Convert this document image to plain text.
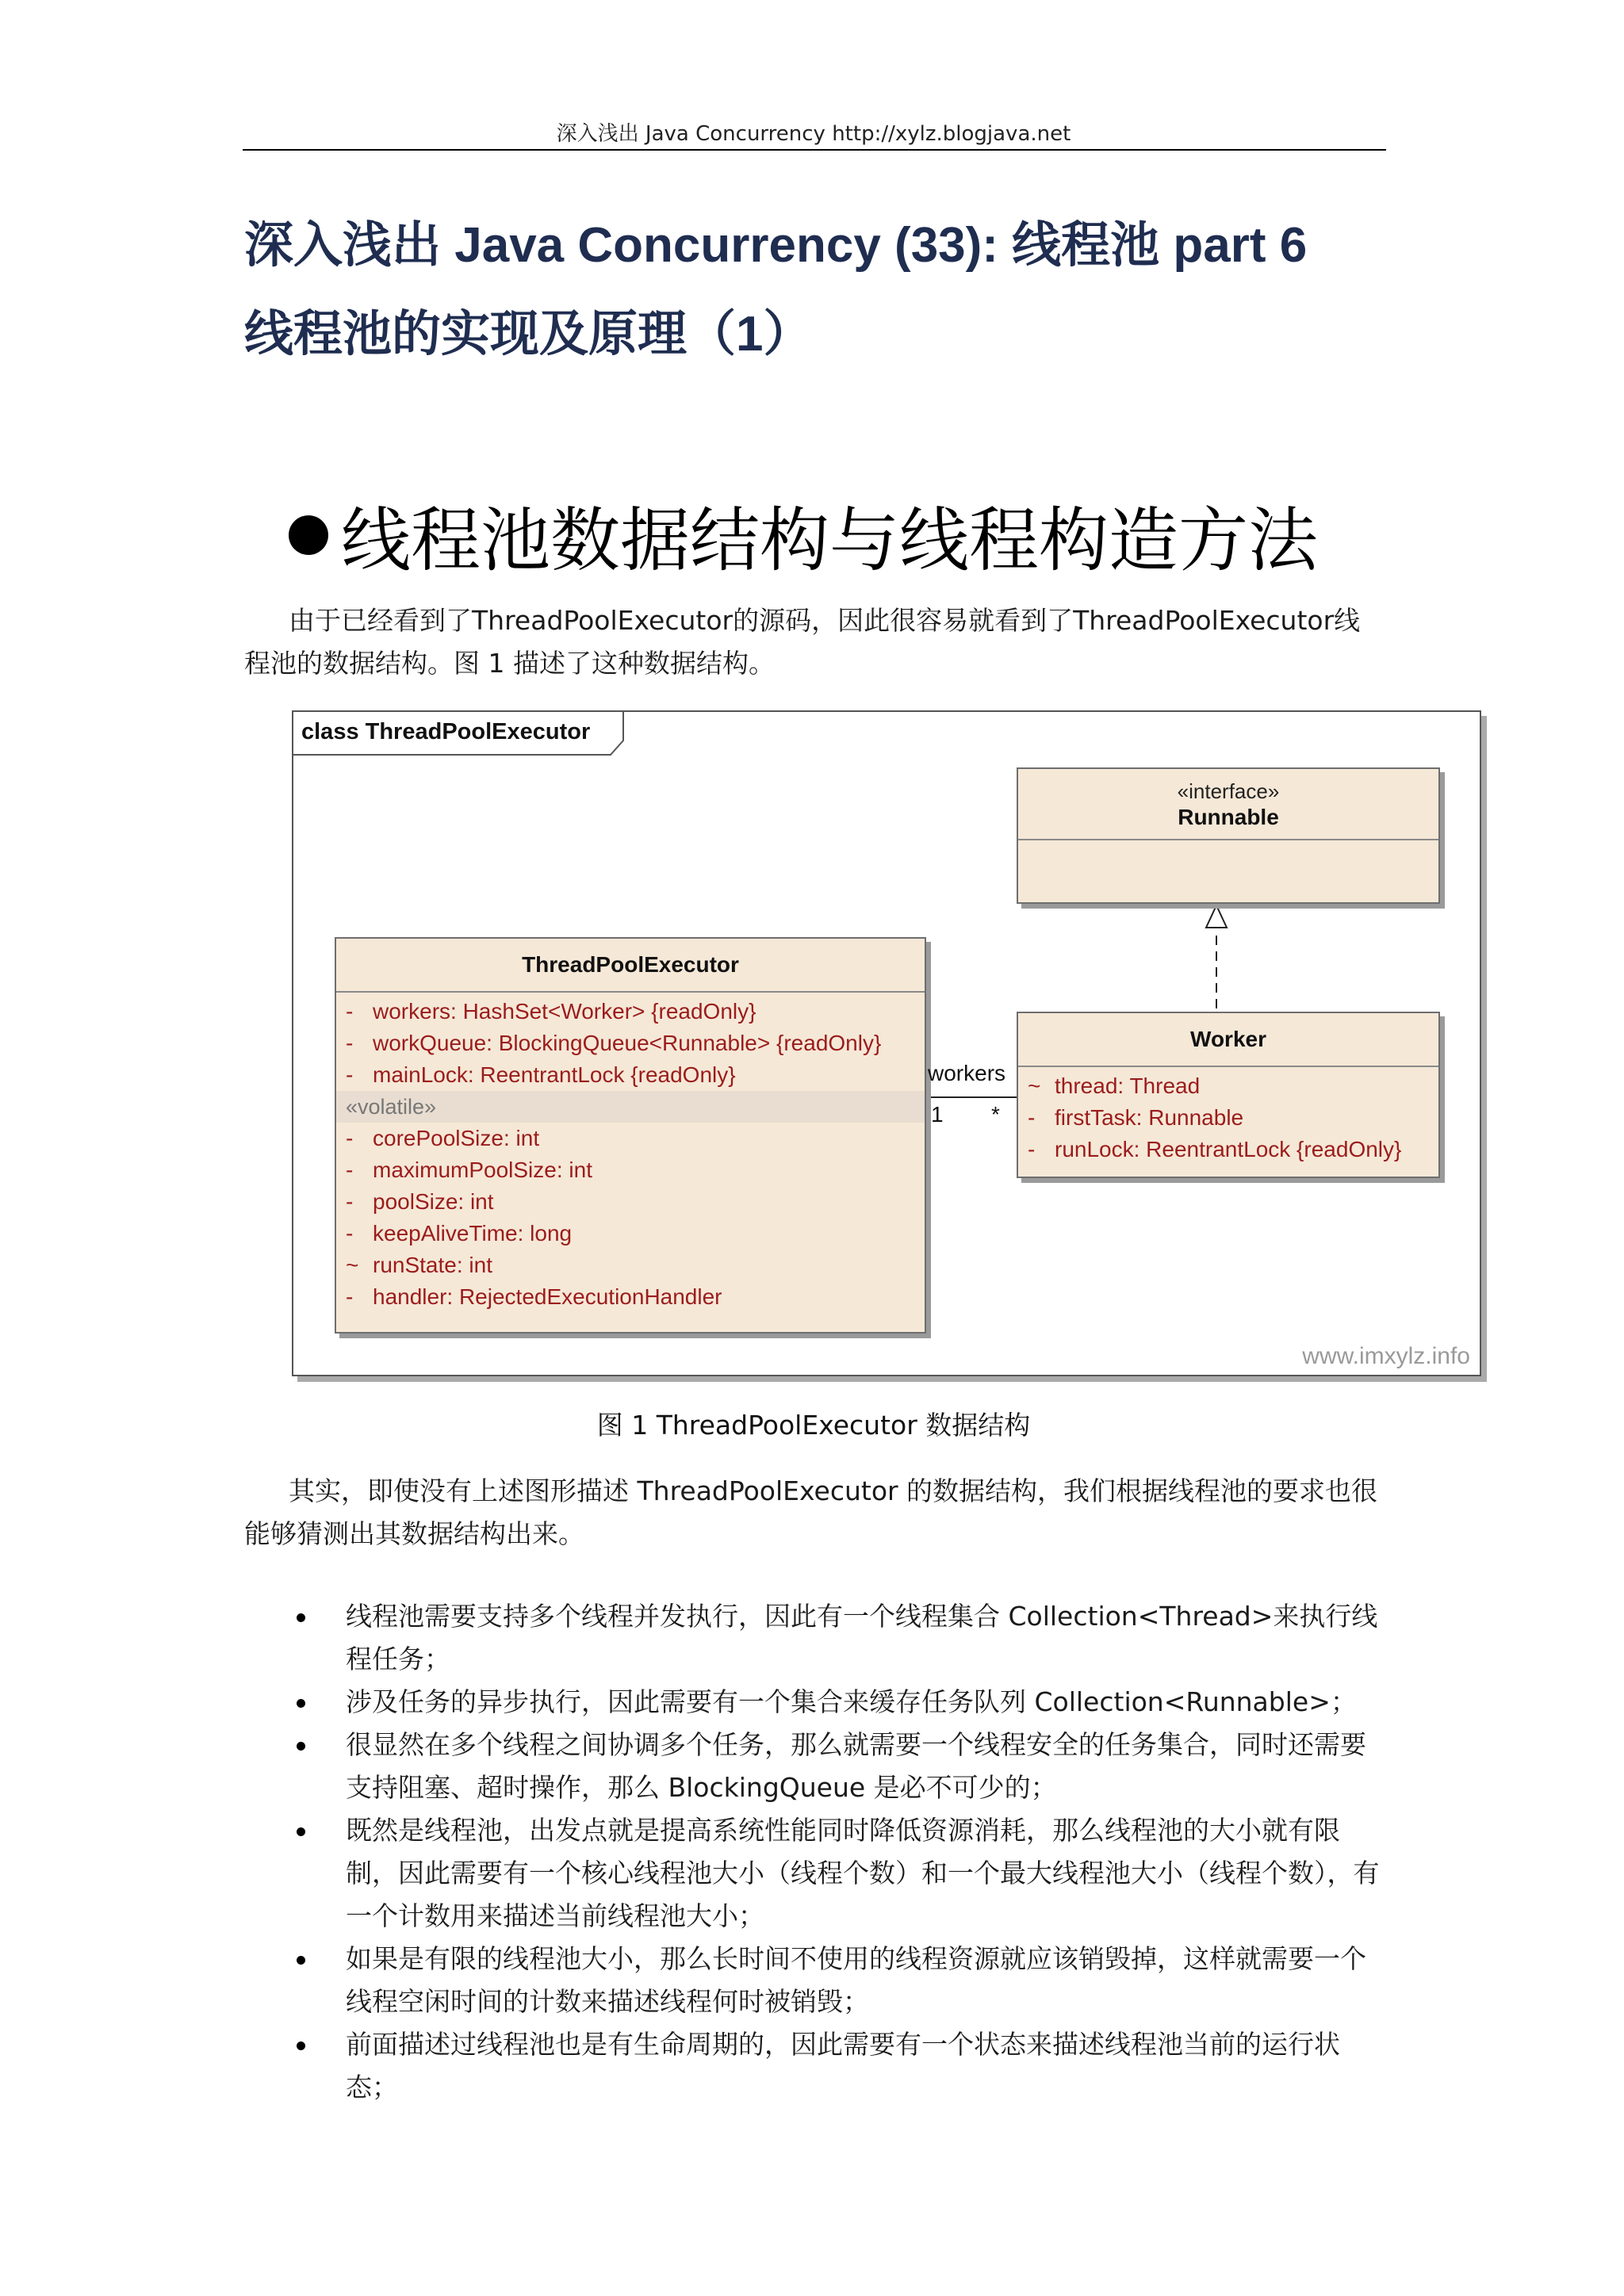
深入浅出 Java Concurrency http://xylz.blogjava.net
深入浅出 Java Concurrency (33): 线程池 part 6
线程池的实现及原理（1）
线程池数据结构与线程构造方法
由于已经看到了ThreadPoolExecutor的源码，因此很容易就看到了ThreadPoolExecutor线程池的数据结构。图 1 描述了这种数据结构。
class ThreadPoolExecutor
«interface»
Runnable
ThreadPoolExecutor
- workers: HashSet<Worker> {readOnly}
- workQueue: BlockingQueue<Runnable> {readOnly}
- mainLock: ReentrantLock {readOnly}
«volatile»
- corePoolSize: int
- maximumPoolSize: int
- poolSize: int
- keepAliveTime: long
~ runState: int
- handler: RejectedExecutionHandler
Worker
~ thread: Thread
- firstTask: Runnable
- runLock: ReentrantLock {readOnly}
workers
1 *
www.imxylz.info
图 1 ThreadPoolExecutor 数据结构
其实，即使没有上述图形描述 ThreadPoolExecutor 的数据结构，我们根据线程池的要求也很能够猜测出其数据结构出来。
线程池需要支持多个线程并发执行，因此有一个线程集合 Collection<Thread>来执行线程任务；
涉及任务的异步执行，因此需要有一个集合来缓存任务队列 Collection<Runnable>；
很显然在多个线程之间协调多个任务，那么就需要一个线程安全的任务集合，同时还需要支持阻塞、超时操作，那么 BlockingQueue 是必不可少的；
既然是线程池，出发点就是提高系统性能同时降低资源消耗，那么线程池的大小就有限制，因此需要有一个核心线程池大小（线程个数）和一个最大线程池大小（线程个数），有一个计数用来描述当前线程池大小；
如果是有限的线程池大小，那么长时间不使用的线程资源就应该销毁掉，这样就需要一个线程空闲时间的计数来描述线程何时被销毁；
前面描述过线程池也是有生命周期的，因此需要有一个状态来描述线程池当前的运行状态；
